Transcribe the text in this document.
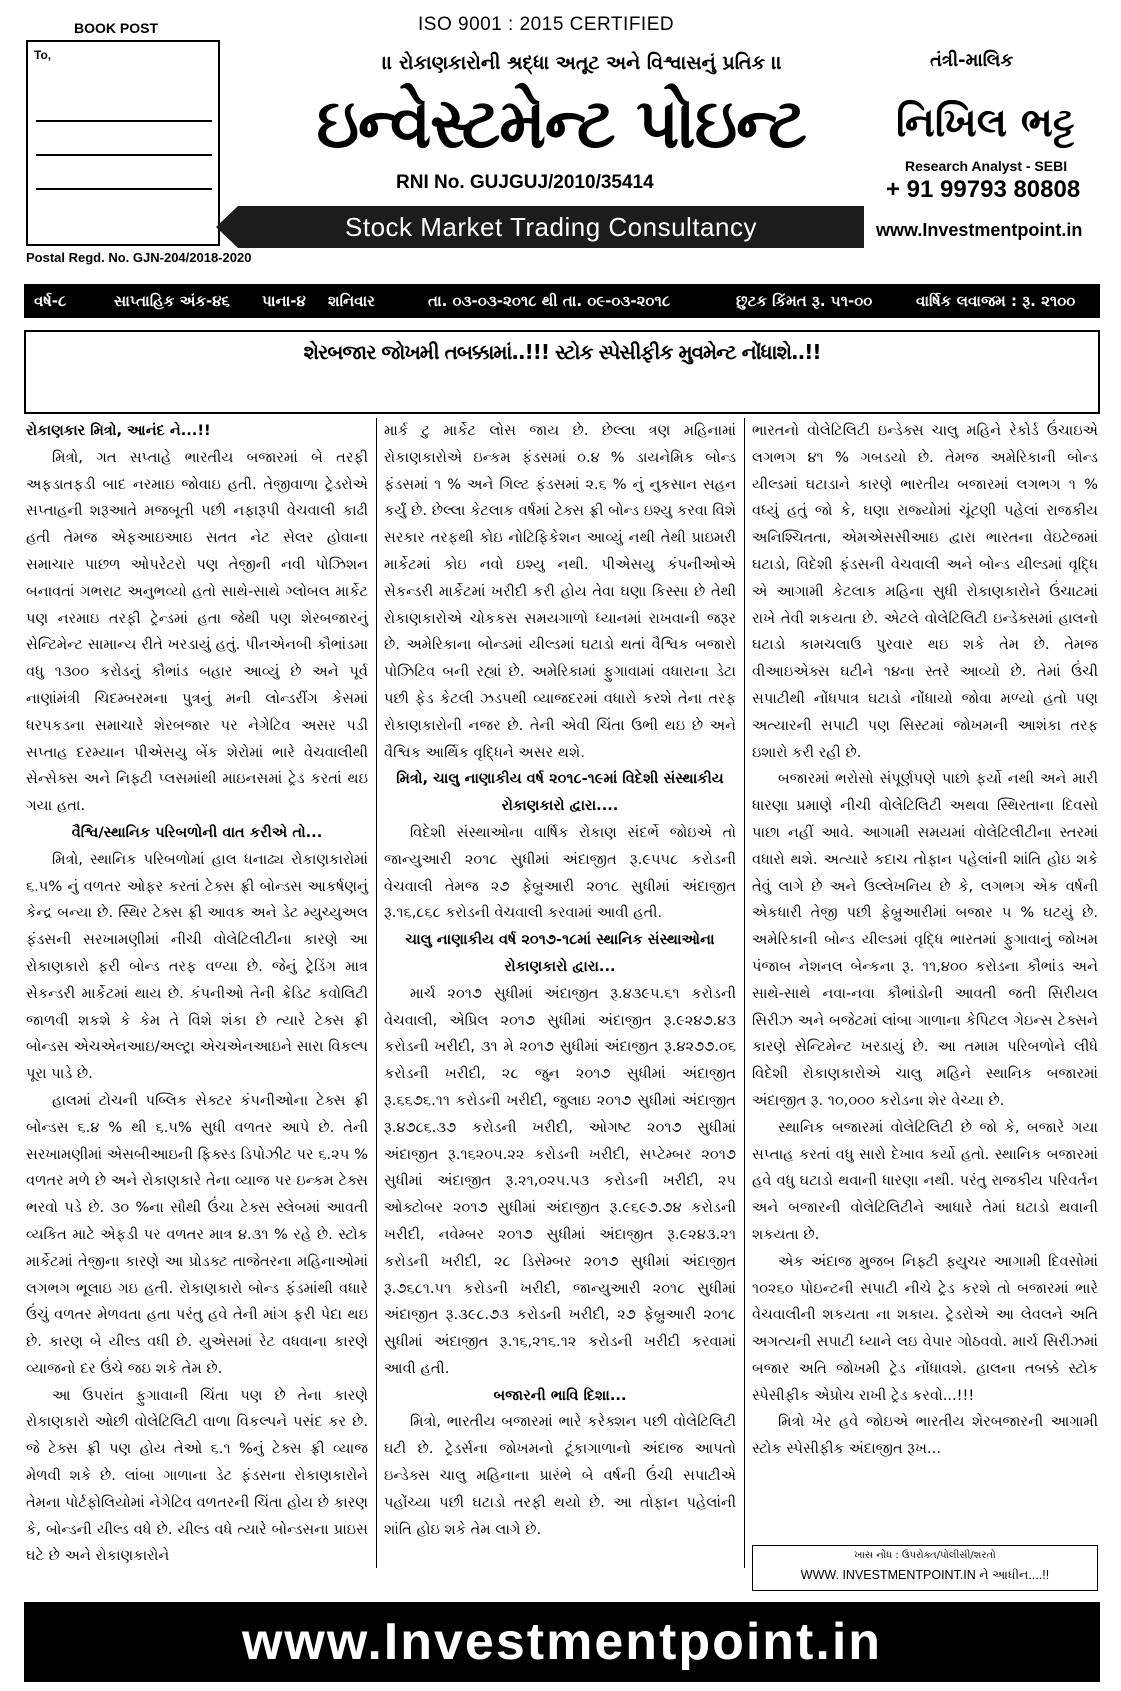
BOOK POST
To,
Postal Regd. No. GJN-204/2018-2020
ISO 9001 : 2015 CERTIFIED
।। રોકાણકારોની શ્રદ્ધા અતૂટ અને વિશ્વાસનું પ્રતિક ।।
ઇન્વેસ્ટમેન્ટ પોઇન્ટ
RNI No. GUJGUJ/2010/35414
Stock Market Trading Consultancy
તંત્રી-માલિક
નિખિલ ભટ્ટ
Research Analyst - SEBI
+ 91 99793 80808
www.Investmentpoint.in
વર્ષ-૮	સાપ્તાહિક અંક-૪૬ પાના-૪ શનિવાર	તા. ૦૩-૦૩-૨૦૧૮ થી તા. ૦૯-૦૩-૨૦૧૮	છુટક કિંમત રૂ. ૫૧-૦૦	વાર્ષિક લવાજમ : રૂ. ૨૧૦૦
શેરબજાર જોખમી તબક્કામાં..!!! સ્ટોક સ્પેસીફીક મુવમેન્ટ નોંધાશે..!!

રોકાણકાર મિત્રો, આનંદ ને...!!

મિત્રો, ગત સપ્તાહે ભારતીય બજારમાં બે તરફી અફડાતફડી બાદ નરમાઇ જોવાઇ હતી. તેજીવાળા ટ્રેડરોએ સપ્તાહની શરૂઆતે મજબૂતી પછી નફારૂપી વેચવાલી કાઢી હતી તેમજ એફઆઇઆઇ સતત નેટ સેલર હોવાના સમાચાર પાછળ ઓપરેટરો પણ તેજીની નવી પોઝિશન બનાવતાં ગભરાટ અનુભવ્યો હતો સાથે-સાથે ગ્લોબલ માર્કેટ પણ નરમાઇ તરફી ટ્રેન્ડમાં હતા જેથી પણ શેરબજારનું સેન્ટિમેન્ટ સામાન્ય રીતે ખરડાયું હતું. પીનએનબી કૌભાંડમા વધુ ૧૩૦૦ કરોડનું કૌભાંડ બહાર આવ્યું છે અને પૂર્વ નાણાંમંત્રી ચિદમ્બરમના પુત્રનું મની લોન્ડરીંગ કેસમાં ધરપકડના સમાચારે શેરબજાર પર નેગેટિવ અસર પડી સપ્તાહ દરમ્યાન પીએસયુ બેંક શેરોમાં ભારે વેચવાલીથી સેન્સેક્સ અને નિફ્ટી પ્લસમાંથી માઇનસમાં ટ્રેડ કરતાં થઇ ગયા હતા.

વૈશ્વિ/સ્થાનિક પરિબળોની વાત કરીએ તો...

મિત્રો, સ્થાનિક પરિબળોમાં હાલ ધનાઢ્ય રોકાણકારોમાં ૬.૫% નું વળતર ઓફર કરતાં ટેક્સ ફ્રી બોન્ડસ આકર્ષણનું કેન્દ્ર બન્યા છે. સ્થિર ટેક્સ ફ્રી આવક અને ડેટ મ્યુચ્યુઅલ ફંડસની સરખામણીમાં નીચી વોલેટિલીટીના કારણે આ રોકાણકારો ફરી બોન્ડ તરફ વળ્યા છે. જેનું ટ્રેડિંગ માત્ર સેકન્ડરી માર્કેટમાં થાય છે. કંપનીઓ તેની ક્રેડિટ કવોલિટી જાળવી શકશે કે કેમ તે વિશે શંકા છે ત્યારે ટેક્સ ફ્રી બોન્ડસ એચએનઆઇ/અલ્ટ્રા એચએનઆઇને સારા વિકલ્પ પૂરા પાડે છે.

હાલમાં ટોચની પબ્લિક સેક્ટર કંપનીઓના ટેક્સ ફ્રી બોન્ડસ ૬.૪ % થી ૬.૫% સુધી વળતર આપે છે. તેની સરખામણીમાં એસબીઆઇની ફિક્સ્ડ ડિપોઝીટ પર ૬.૨૫ % વળતર મળે છે અને રોકાણકારે તેના વ્યાજ પર ઇન્કમ ટેક્સ ભરવો પડે છે. ૩૦ %ના સૌથી ઉંચા ટેક્સ સ્લેબમાં આવતી વ્યકિત માટે એફડી પર વળતર માત્ર ૪.૩૧ % રહે છે. સ્ટોક માર્કેટમાં તેજીના કારણે આ પ્રોડક્ટ તાજેતરના મહિનાઓમાં લગભગ ભૂલાઇ ગઇ હતી. રોકાણકારો બોન્ડ ફંડમાંથી વધારે ઉંચું વળતર મેળવતા હતા પરંતુ હવે તેની માંગ ફરી પેદા થઇ છે. કારણ બે યીલ્ડ વધી છે. યુએસમાં રેટ વધવાના કારણે વ્યાજનો દર ઉંચે જઇ શકે તેમ છે.

આ ઉપરાંત ફુગાવાની ચિંતા પણ છે તેના કારણે રોકાણકારો ઓછી વોલેટિલિટી વાળા વિકલ્પને પસંદ કર છે. જે ટેક્સ ફ્રી પણ હોય તેઓ ૬.૧ %નું ટેક્સ ફ્રી વ્યાજ મેળવી શકે છે. લાંબા ગાળાના ડેટ ફંડસના રોકાણકારોને તેમના પોર્ટફોલિયોમાં નેગેટિવ વળતરની ચિંતા હોય છે કારણ કે, બોન્ડની યીલ્ડ વધે છે. યીલ્ડ વધે ત્યારે બોન્ડસના પ્રાઇસ ઘટે છે અને રોકાણકારોને

માર્ક ટુ માર્કેટ લોસ જાય છે. છેલ્લા ત્રણ મહિનામાં રોકાણકારોએ ઇન્કમ ફંડસમાં ૦.૪ % ડાયનેમિક બોન્ડ ફંડસમાં ૧ % અને ગિલ્ટ ફંડસમાં ૨.૬ % નું નુકસાન સહન કર્યું છે. છેલ્લા કેટલાક વર્ષમાં ટેક્સ ફ્રી બોન્ડ ઇશ્યુ કરવા વિશે સરકાર તરફથી કોઇ નોટિફિકેશન આવ્યું નથી તેથી પ્રાઇમરી માર્કેટમાં કોઇ નવો ઇશ્યુ નથી. પીએસયુ કંપનીઓએ સેકન્ડરી માર્કેટમાં ખરીદી કરી હોય તેવા ઘણા કિસ્સા છે તેથી રોકાણકારોએ ચોકકસ સમયગાળો ધ્યાનમાં રાખવાની જરૂર છે. અમેરિકાના બોન્ડમાં યીલ્ડમાં ઘટાડો થતાં વૈશ્વિક બજારો પોઝિટિવ બની રહ્યાં છે. અમેરિકામાં ફુગાવામાં વધારાના ડેટા પછી ફેડ કેટલી ઝડપથી વ્યાજદરમાં વધારો કરશે તેના તરફ રોકાણકારોની નજર છે. તેની એવી ચિંતા ઉભી થઇ છે અને વૈશ્વિક આર્થિક વૃદ્ધિને અસર થશે.

મિત્રો, ચાલુ નાણાકીય વર્ષ ૨૦૧૮-૧૯માં વિદેશી સંસ્થાકીય રોકાણકારો દ્વારા....

વિદેશી સંસ્થાઓના વાર્ષિક રોકાણ સંદર્ભે જોઇએ તો જાન્યુઆરી ૨૦૧૮ સુધીમાં અંદાજીત રૂ.૯૫૫૮ કરોડની વેચવાલી તેમજ ૨૭ ફેબ્રુઆરી ૨૦૧૮ સુધીમાં અંદાજીત રૂ.૧૬,૮૬૮ કરોડની વેચવાલી કરવામાં આવી હતી.

ચાલુ નાણાકીય વર્ષ ૨૦૧૭-૧૮માં સ્થાનિક સંસ્થાઓના રોકાણકારો દ્વારા...

માર્ચ ૨૦૧૭ સુધીમાં અંદાજીત રૂ.૪૩૯૫.૬૧ કરોડની વેચવાલી, એપ્રિલ ૨૦૧૭ સુધીમાં અંદાજીત રૂ.૯૨૪૭.૪૩ કરોડની ખરીદી, ૩૧ મે ૨૦૧૭ સુધીમાં અંદાજીત રૂ.૪૨૭૭.૦૬ કરોડની ખરીદી, ૨૮ જુન ૨૦૧૭ સુધીમાં અંદાજીત રૂ.૬૬૭૬.૧૧ કરોડની ખરીદી, જુલાઇ ૨૦૧૭ સુધીમાં અંદાજીત રૂ.૪૭૮૬.૩૭ કરોડની ખરીદી, ઓગષ્ટ ૨૦૧૭ સુધીમાં અંદાજીત રૂ.૧૬૨૦૫.૨૨ કરોડની ખરીદી, સપ્ટેમ્બર ૨૦૧૭ સુધીમાં અંદાજીત રૂ.૨૧,૦૨૫.૫૩ કરોડની ખરીદી, ૨૫ ઓક્ટોબર ૨૦૧૭ સુધીમાં અંદાજીત રૂ.૯૬૯૭.૭૪ કરોડની ખરીદી, નવેમ્બર ૨૦૧૭ સુધીમાં અંદાજીત રૂ.૯૨૪૩.૨૧ કરોડની ખરીદી, ૨૮ ડિસેમ્બર ૨૦૧૭ સુધીમાં અંદાજીત રૂ.૭૬૮૧.૫૧ કરોડની ખરીદી, જાન્યુઆરી ૨૦૧૮ સુધીમાં અંદાજીત રૂ.૩૯૮.૭૩ કરોડની ખરીદી, ૨૭ ફેબ્રુઆરી ૨૦૧૮ સુધીમાં અંદાજીત રૂ.૧૬,૨૧૬.૧૨ કરોડની ખરીદી કરવામાં આવી હતી.

બજારની ભાવિ દિશા...

મિત્રો, ભારતીય બજારમાં ભારે કરેક્શન પછી વોલેટિલિટી ઘટી છે. ટ્રેડર્સના જોખમનો ટૂંકાગાળાનો અંદાજ આપતો ઇન્ડેક્સ ચાલુ મહિનાના પ્રારંભે બે વર્ષની ઉંચી સપાટીએ પહોંચ્યા પછી ઘટાડો તરફી થયો છે. આ તોફાન પહેલાંની શાંતિ હોઇ શકે તેમ લાગે છે.

ભારતનો વોલેટિલિટી ઇન્ડેક્સ ચાલુ મહિને રેકોર્ડ ઉંચાઇએ લગભગ ૪૧ % ગબડયો છે. તેમજ અમેરિકાની બોન્ડ યીલ્ડમાં ઘટાડાને કારણે ભારતીય બજારમાં લગભગ ૧ % વધ્યું હતું જો કે, ઘણા રાજ્યોમાં ચૂંટણી પહેલાં રાજકીય અનિશ્ચિતતા, એમએસસીઆઇ દ્વારા ભારતના વેઇટેજમાં ઘટાડો, વિદેશી ફંડસની વેચવાલી અને બોન્ડ યીલ્ડમાં વૃદ્ધિ એ આગામી કેટલાક મહિના સુધી રોકાણકારોને ઉંચાટમાં રાખે તેવી શકયતા છે. એટલે વોલેટિલિટી ઇન્ડેક્સમાં હાલનો ઘટાડો કામચલાઉ પુરવાર થઇ શકે તેમ છે. તેમજ વીઆઇએક્સ ઘટીને ૧૪ના સ્તરે આવ્યો છે. તેમાં ઉંચી સપાટીથી નોંધપાત્ર ઘટાડો નોંધાયો જોવા મળ્યો હતો પણ અત્યારની સપાટી પણ સિસ્ટમાં જોખમની આશંકા તરફ ઇશારો કરી રહી છે.

બજારમાં ભરોસો સંપૂર્ણપણે પાછો ફર્યો નથી અને મારી ધારણા પ્રમાણે નીચી વોલેટિલિટી અથવા સ્થિરતાના દિવસો પાછા નહીં આવે. આગામી સમયમાં વોલેટિલીટીના સ્તરમાં વધારો થશે. અત્યારે કદાચ તોફાન પહેલાંની શાંતિ હોઇ શકે તેવું લાગે છે અને ઉલ્લેખનિય છે કે, લગભગ એક વર્ષની એકધારી તેજી પછી ફેબ્રુઆરીમાં બજાર ૫ % ઘટયું છે. અમેરિકાની બોન્ડ યીલ્ડમાં વૃદ્ધિ ભારતમાં ફુગાવાનું જોખમ પંજાબ નેશનલ બેન્કના રૂ. ૧૧,૪૦૦ કરોડના કૌભાંડ અને સાથે-સાથે નવા-નવા કૌભાંડોની આવતી જતી સિરીયલ સિરીઝ અને બજેટમાં લાંબા ગાળાના કેપિટલ ગેઇન્સ ટેક્સને કારણે સેન્ટિમેન્ટ ખરડાયું છે. આ તમામ પરિબળોને લીધે વિદેશી રોકાણકારોએ ચાલુ મહિને સ્થાનિક બજારમાં અંદાજીત રૂ. ૧૦,૦૦૦ કરોડના શેર વેચ્યા છે.

સ્થાનિક બજારમાં વોલેટિલિટી છે જો કે, બજારે ગયા સપ્તાહ કરતાં વધુ સારો દેખાવ કર્યો હતો. સ્થાનિક બજારમાં હવે વધુ ઘટાડો થવાની ધારણા નથી. પરંતુ રાજકીય પરિવર્તન અને બજારની વોલેટિલિટીને આધારે તેમાં ઘટાડો થવાની શકયતા છે.

એક અંદાજ મુજબ નિફ્ટી ફ્યુચર આગામી દિવસોમાં ૧૦૨૬૦ પોઇન્ટની સપાટી નીચે ટ્રેડ કરશે તો બજારમાં ભારે વેચવાલીની શકયતા ના શકાય. ટ્રેડરોએ આ લેવલને અતિ અગત્યની સપાટી ધ્યાને લઇ વેપાર ગોઠવવો. માર્ચ સિરીઝમાં બજાર અતિ જોખમી ટ્રેડ નોંધાવશે. હાલના તબક્કે સ્ટોક સ્પેસીફીક એપ્રોચ રાખી ટ્રેડ કરવો...!!!

મિત્રો ખેર હવે જોઇએ ભારતીય શેરબજારની આગામી સ્ટોક સ્પેસીફીક અંદાજીત રૂખ...

ખાસ નોંધ : ઉપરોક્ત/પોલીસી/શરતો
WWW. INVESTMENTPOINT.IN ને આધીન....!!
www.Investmentpoint.in
